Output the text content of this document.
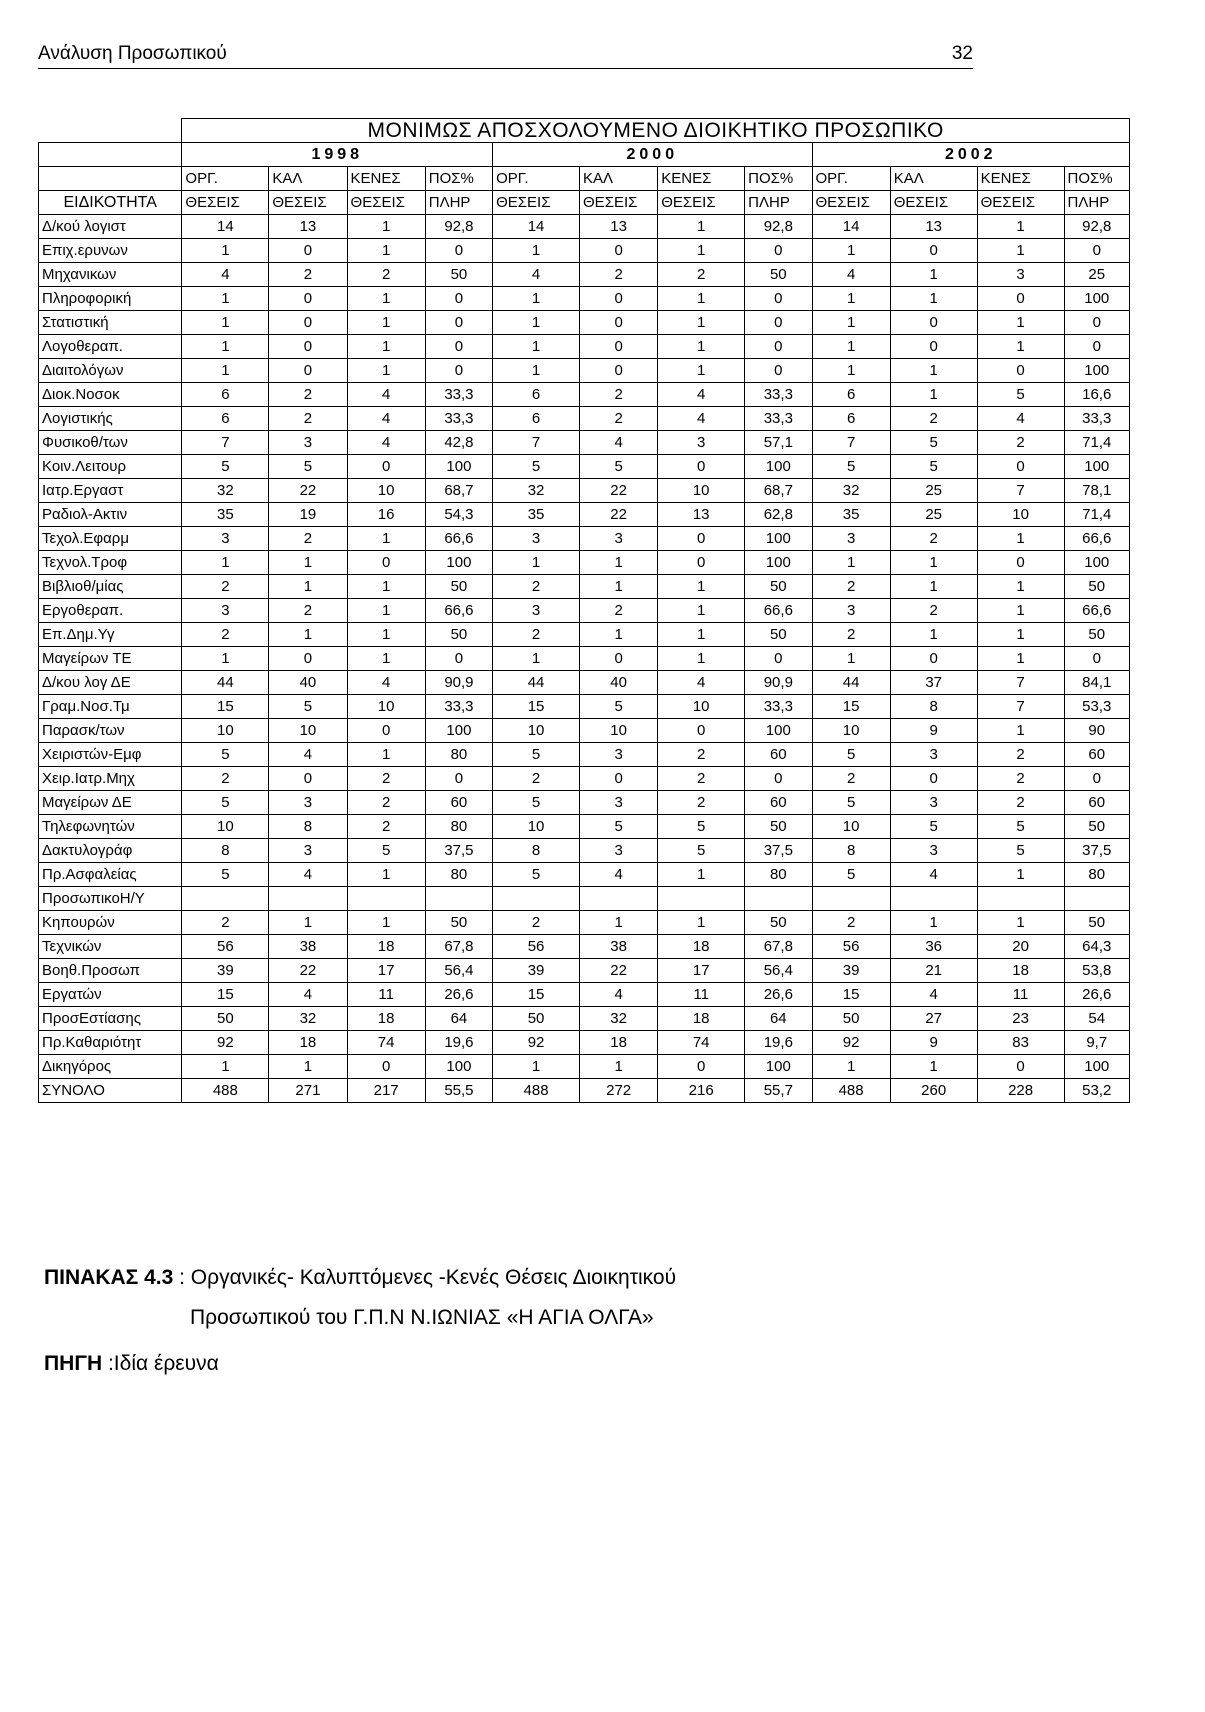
Ανάλυση Προσωπικού	32
	ΜΟΝΙΜΩΣ ΑΠΟΣΧΟΛΟΥΜΕΝΟ ΔΙΟΙΚΗΤΙΚΟ ΠΡΟΣΩΠΙΚΟ											
	1998				2000				2002			
	ΟΡΓ.	ΚΑΛ	ΚΕΝΕΣ	ΠΟΣ%	ΟΡΓ.	ΚΑΛ	ΚΕΝΕΣ	ΠΟΣ%	ΟΡΓ.	ΚΑΛ	ΚΕΝΕΣ	ΠΟΣ%
ΕΙΔΙΚΟΤΗΤΑ	ΘΕΣΕΙΣ	ΘΕΣΕΙΣ	ΘΕΣΕΙΣ	ΠΛΗΡ	ΘΕΣΕΙΣ	ΘΕΣΕΙΣ	ΘΕΣΕΙΣ	ΠΛΗΡ	ΘΕΣΕΙΣ	ΘΕΣΕΙΣ	ΘΕΣΕΙΣ	ΠΛΗΡ
Δ/κού λογιστ	14	13	1	92,8	14	13	1	92,8	14	13	1	92,8
Επιχ.ερυνων	1	0	1	0	1	0	1	0	1	0	1	0
Μηχανικων	4	2	2	50	4	2	2	50	4	1	3	25
Πληροφορική	1	0	1	0	1	0	1	0	1	1	0	100
Στατιστική	1	0	1	0	1	0	1	0	1	0	1	0
Λογοθεραπ.	1	0	1	0	1	0	1	0	1	0	1	0
Διαιτολόγων	1	0	1	0	1	0	1	0	1	1	0	100
Διοκ.Νοσοκ	6	2	4	33,3	6	2	4	33,3	6	1	5	16,6
Λογιστικής	6	2	4	33,3	6	2	4	33,3	6	2	4	33,3
Φυσικοθ/των	7	3	4	42,8	7	4	3	57,1	7	5	2	71,4
Κοιν.Λειτουρ	5	5	0	100	5	5	0	100	5	5	0	100
Ιατρ.Εργαστ	32	22	10	68,7	32	22	10	68,7	32	25	7	78,1
Ραδιολ-Ακτιν	35	19	16	54,3	35	22	13	62,8	35	25	10	71,4
Τεχολ.Εφαρμ	3	2	1	66,6	3	3	0	100	3	2	1	66,6
Τεχνολ.Τροφ	1	1	0	100	1	1	0	100	1	1	0	100
Βιβλιοθ/μίας	2	1	1	50	2	1	1	50	2	1	1	50
Εργοθεραπ.	3	2	1	66,6	3	2	1	66,6	3	2	1	66,6
Επ.Δημ.Υγ	2	1	1	50	2	1	1	50	2	1	1	50
Μαγείρων ΤΕ	1	0	1	0	1	0	1	0	1	0	1	0
Δ/κου λογ ΔΕ	44	40	4	90,9	44	40	4	90,9	44	37	7	84,1
Γραμ.Νοσ.Τμ	15	5	10	33,3	15	5	10	33,3	15	8	7	53,3
Παρασκ/των	10	10	0	100	10	10	0	100	10	9	1	90
Χειριστών-Εμφ	5	4	1	80	5	3	2	60	5	3	2	60
Χειρ.Ιατρ.Μηχ	2	0	2	0	2	0	2	0	2	0	2	0
Μαγείρων ΔΕ	5	3	2	60	5	3	2	60	5	3	2	60
Τηλεφωνητών	10	8	2	80	10	5	5	50	10	5	5	50
Δακτυλογράφ	8	3	5	37,5	8	3	5	37,5	8	3	5	37,5
Πρ.Ασφαλείας	5	4	1	80	5	4	1	80	5	4	1	80
ΠροσωπικοΗ/Υ												
Κηπουρών	2	1	1	50	2	1	1	50	2	1	1	50
Τεχνικών	56	38	18	67,8	56	38	18	67,8	56	36	20	64,3
Βοηθ.Προσωπ	39	22	17	56,4	39	22	17	56,4	39	21	18	53,8
Εργατών	15	4	11	26,6	15	4	11	26,6	15	4	11	26,6
ΠροσΕστίασης	50	32	18	64	50	32	18	64	50	27	23	54
Πρ.Καθαριότητ	92	18	74	19,6	92	18	74	19,6	92	9	83	9,7
Δικηγόρος	1	1	0	100	1	1	0	100	1	1	0	100
ΣΥΝΟΛΟ	488	271	217	55,5	488	272	216	55,7	488	260	228	53,2
ΠΙΝΑΚΑΣ 4.3 : Οργανικές- Καλυπτόμενες -Κενές Θέσεις Διοικητικού
Προσωπικού του Γ.Π.Ν Ν.ΙΩΝΙΑΣ «Η ΑΓΙΑ ΟΛΓΑ»
ΠΗΓΗ :Ιδία έρευνα
